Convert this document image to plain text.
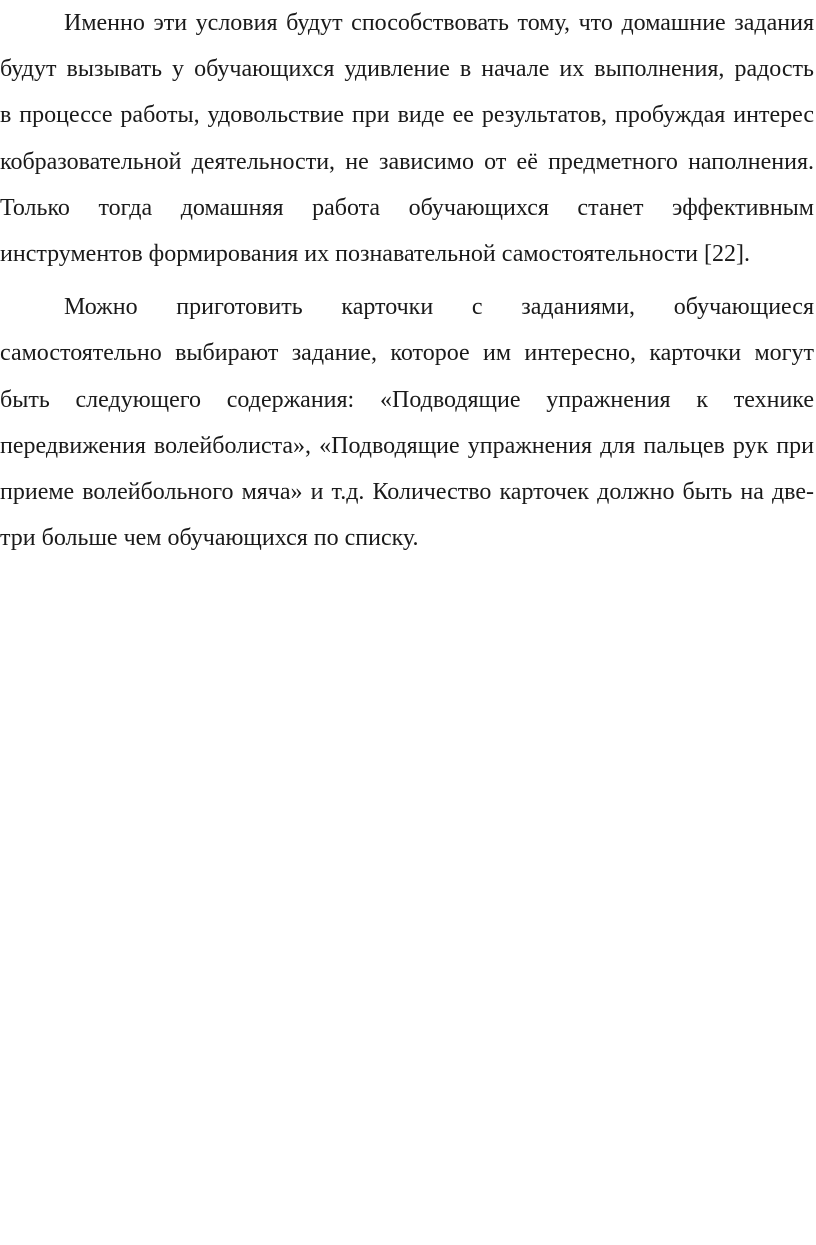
Именно эти условия будут способствовать тому, что домашние задания
будут вызывать у обучающихся удивление в начале их выполнения, радость
в процессе работы, удовольствие при виде ее результатов, пробуждая интерес
кобразовательной деятельности, не зависимо от её предметного наполнения.
Только тогда домашняя работа обучающихся станет эффективным
инструментов формирования их познавательной самостоятельности [22].
Можно приготовить карточки с заданиями, обучающиеся
самостоятельно выбирают задание, которое им интересно, карточки могут
быть следующего содержания: «Подводящие упражнения к технике
передвижения волейболиста», «Подводящие упражнения для пальцев рук при
приеме волейбольного мяча» и т.д. Количество карточек должно быть на две-
три больше чем обучающихся по списку.
